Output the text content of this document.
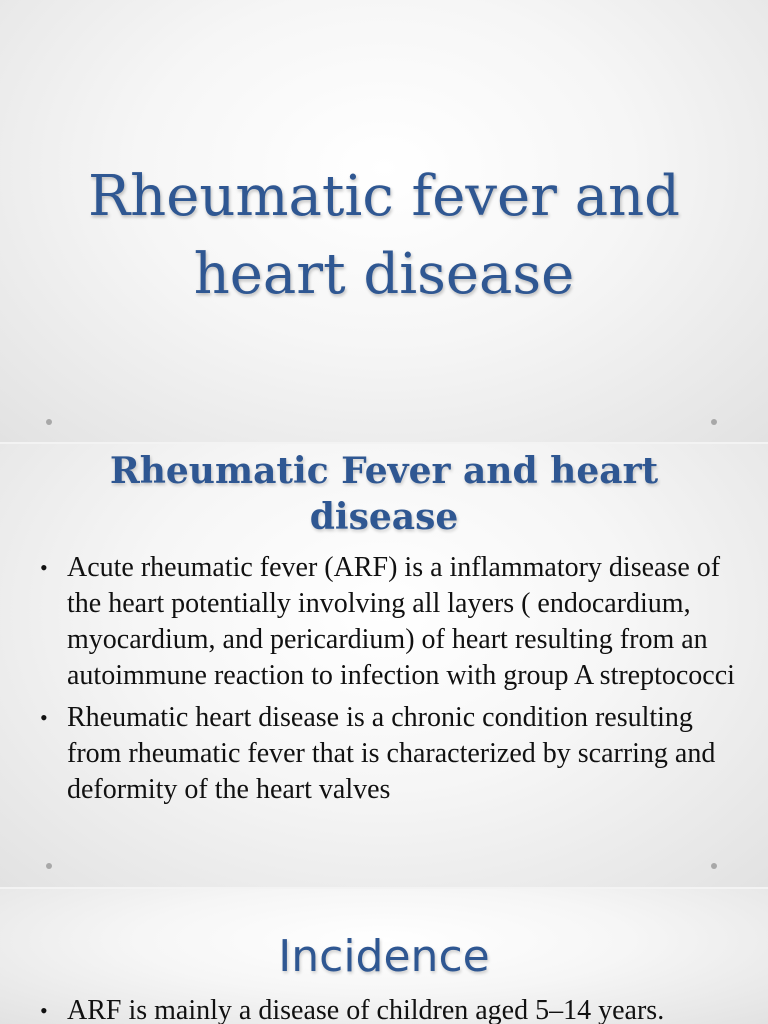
Rheumatic fever and
heart disease
Rheumatic Fever and heart
disease
• Acute rheumatic fever (ARF) is a inflammatory disease of the heart potentially involving all layers ( endocardium, myocardium, and pericardium) of heart resulting from an autoimmune reaction to infection with group A streptococci
• Rheumatic heart disease is a chronic condition resulting from rheumatic fever that is characterized by scarring and deformity of the heart valves
Incidence
• ARF is mainly a disease of children aged 5–14 years.
